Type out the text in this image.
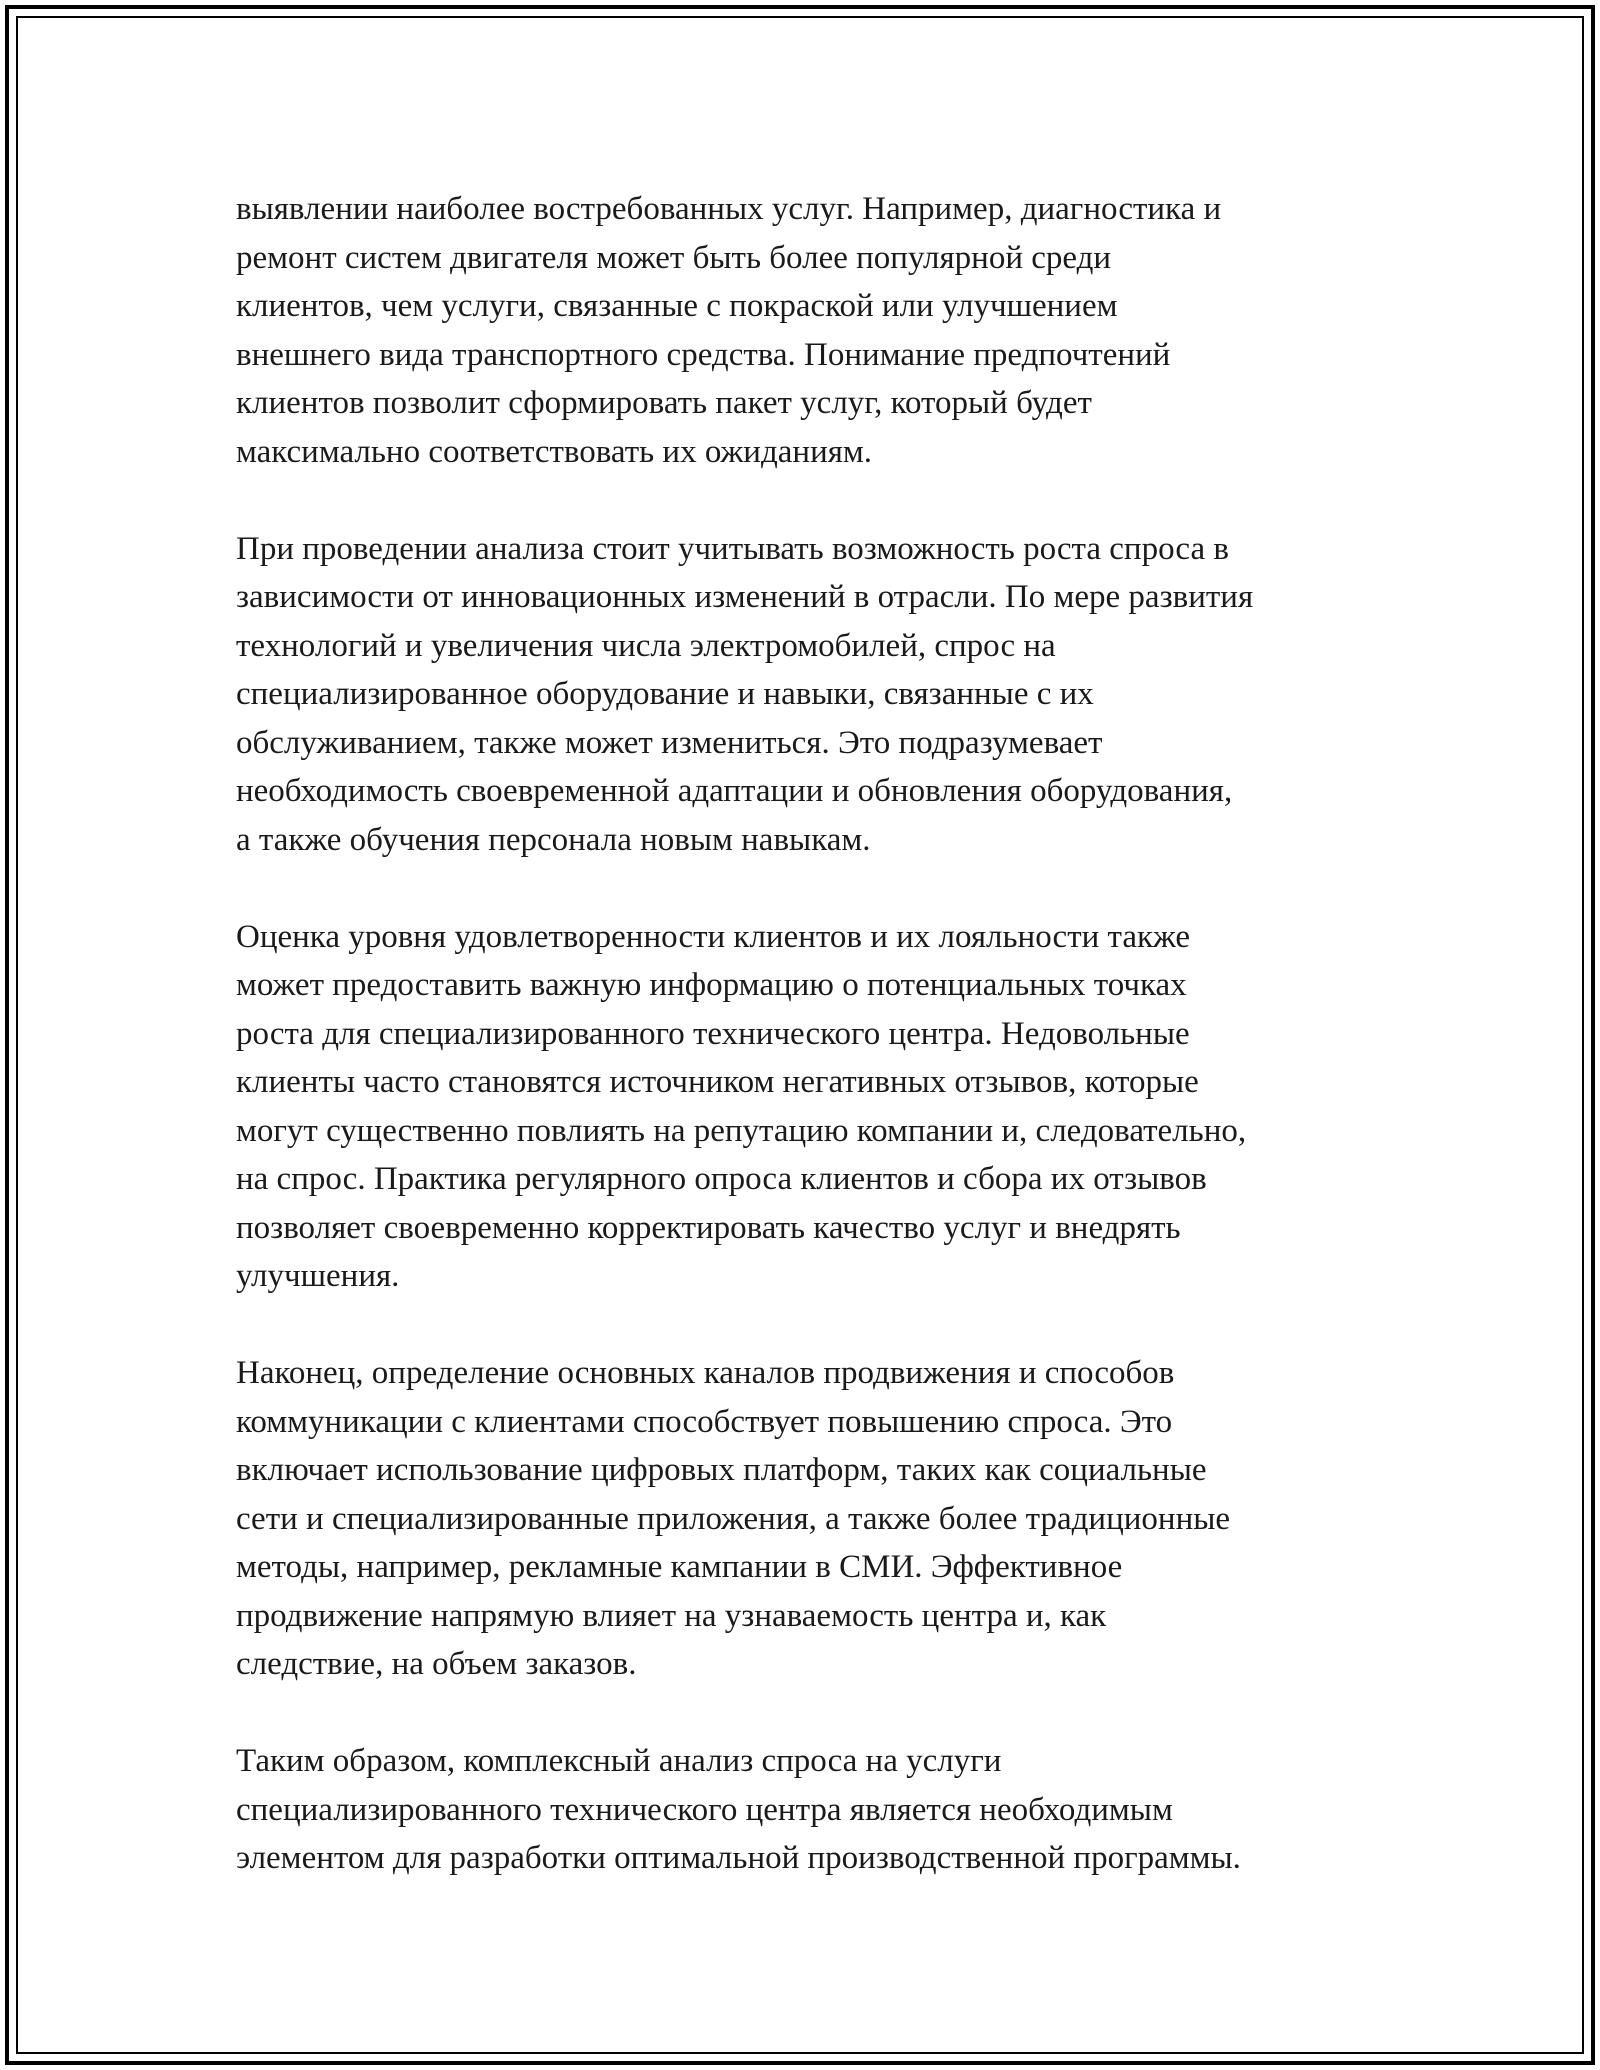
выявлении наиболее востребованных услуг. Например, диагностика и
ремонт систем двигателя может быть более популярной среди
клиентов, чем услуги, связанные с покраской или улучшением
внешнего вида транспортного средства. Понимание предпочтений
клиентов позволит сформировать пакет услуг, который будет
максимально соответствовать их ожиданиям.

При проведении анализа стоит учитывать возможность роста спроса в
зависимости от инновационных изменений в отрасли. По мере развития
технологий и увеличения числа электромобилей, спрос на
специализированное оборудование и навыки, связанные с их
обслуживанием, также может измениться. Это подразумевает
необходимость своевременной адаптации и обновления оборудования,
а также обучения персонала новым навыкам.

Оценка уровня удовлетворенности клиентов и их лояльности также
может предоставить важную информацию о потенциальных точках
роста для специализированного технического центра. Недовольные
клиенты часто становятся источником негативных отзывов, которые
могут существенно повлиять на репутацию компании и, следовательно,
на спрос. Практика регулярного опроса клиентов и сбора их отзывов
позволяет своевременно корректировать качество услуг и внедрять
улучшения.

Наконец, определение основных каналов продвижения и способов
коммуникации с клиентами способствует повышению спроса. Это
включает использование цифровых платформ, таких как социальные
сети и специализированные приложения, а также более традиционные
методы, например, рекламные кампании в СМИ. Эффективное
продвижение напрямую влияет на узнаваемость центра и, как
следствие, на объем заказов.

Таким образом, комплексный анализ спроса на услуги
специализированного технического центра является необходимым
элементом для разработки оптимальной производственной программы.
